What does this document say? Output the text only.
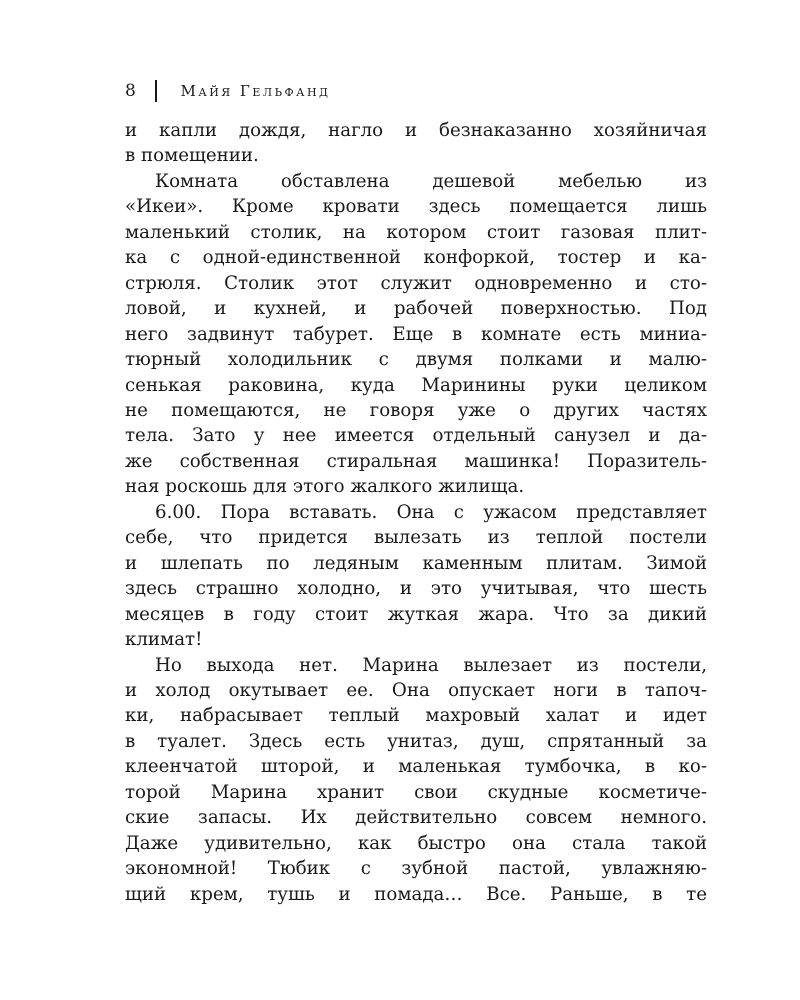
8	Майя Гельфанд
и капли дождя, нагло и безнаказанно хозяйничая
в помещении.
Комната обставлена дешевой мебелью из
«Икеи». Кроме кровати здесь помещается лишь
маленький столик, на котором стоит газовая плит-
ка с одной-единственной конфоркой, тостер и ка-
стрюля. Столик этот служит одновременно и сто-
ловой, и кухней, и рабочей поверхностью. Под
него задвинут табурет. Еще в комнате есть миниа-
тюрный холодильник с двумя полками и малю-
сенькая раковина, куда Маринины руки целиком
не помещаются, не говоря уже о других частях
тела. Зато у нее имеется отдельный санузел и да-
же собственная стиральная машинка! Поразитель-
ная роскошь для этого жалкого жилища.
6.00. Пора вставать. Она с ужасом представляет
себе, что придется вылезать из теплой постели
и шлепать по ледяным каменным плитам. Зимой
здесь страшно холодно, и это учитывая, что шесть
месяцев в году стоит жуткая жара. Что за дикий
климат!
Но выхода нет. Марина вылезает из постели,
и холод окутывает ее. Она опускает ноги в тапоч-
ки, набрасывает теплый махровый халат и идет
в туалет. Здесь есть унитаз, душ, спрятанный за
клеенчатой шторой, и маленькая тумбочка, в ко-
торой Марина хранит свои скудные косметиче-
ские запасы. Их действительно совсем немного.
Даже удивительно, как быстро она стала такой
экономной! Тюбик с зубной пастой, увлажняю-
щий крем, тушь и помада… Все. Раньше, в те
